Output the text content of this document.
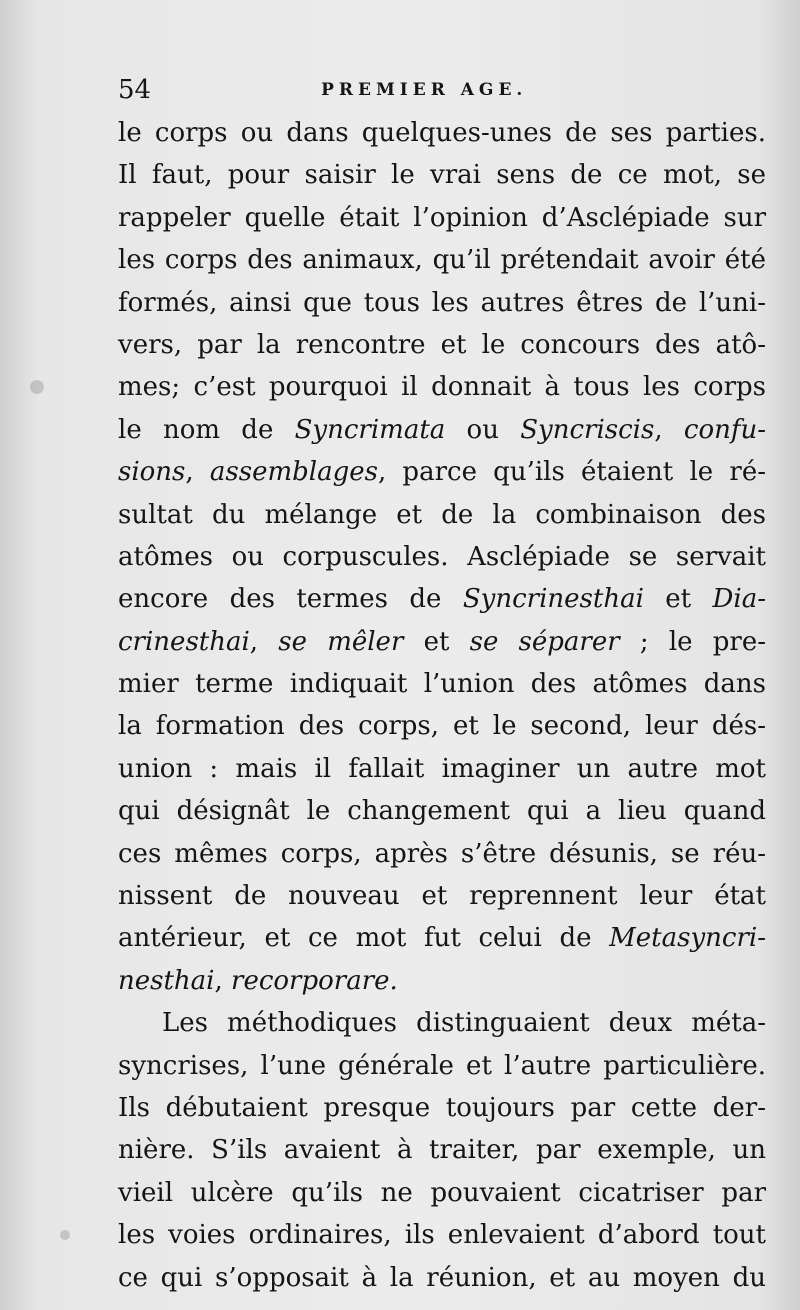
54	PREMIER AGE.
le corps ou dans quelques-unes de ses parties.
Il faut, pour saisir le vrai sens de ce mot, se
rappeler quelle était l’opinion d’Asclépiade sur
les corps des animaux, qu’il prétendait avoir été
formés, ainsi que tous les autres êtres de l’uni-
vers, par la rencontre et le concours des atô-
mes; c’est pourquoi il donnait à tous les corps
le nom de Syncrimata ou Syncriscis, confu-
sions, assemblages, parce qu’ils étaient le ré-
sultat du mélange et de la combinaison des
atômes ou corpuscules. Asclépiade se servait
encore des termes de Syncrinesthai et Dia-
crinesthai, se mêler et se séparer ; le pre-
mier terme indiquait l’union des atômes dans
la formation des corps, et le second, leur dés-
union : mais il fallait imaginer un autre mot
qui désignât le changement qui a lieu quand
ces mêmes corps, après s’être désunis, se réu-
nissent de nouveau et reprennent leur état
antérieur, et ce mot fut celui de Metasyncri-
nesthai, recorporare.
Les méthodiques distinguaient deux méta-
syncrises, l’une générale et l’autre particulière.
Ils débutaient presque toujours par cette der-
nière. S’ils avaient à traiter, par exemple, un
vieil ulcère qu’ils ne pouvaient cicatriser par
les voies ordinaires, ils enlevaient d’abord tout
ce qui s’opposait à la réunion, et au moyen du
